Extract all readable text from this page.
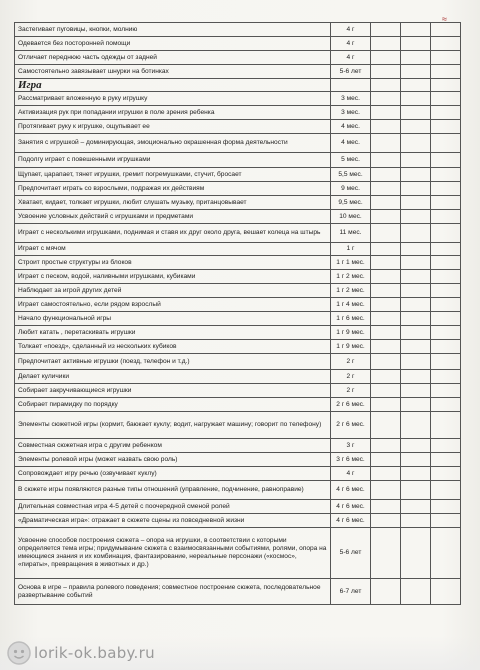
≈
Застегивает пуговицы, кнопки, молнию	4 г			
Одевается без посторонней помощи	4 г			
Отличает переднюю часть одежды от задней	4 г			
Самостоятельно завязывает шнурки на ботинках	5-6 лет			
Игра				
Рассматривает вложенную в руку игрушку	3 мес.			
Активизация рук при попадании игрушки в поле зрения ребенка	3 мес.			
Протягивает руку к игрушке, ощупывает ее	4 мес.			
Занятия с игрушкой – доминирующая, эмоционально окрашенная форма деятельности	4 мес.			
Подолгу играет с повешенными игрушками	5 мес.			
Щупает, царапает, тянет игрушки, гремит погремушками, стучит, бросает	5,5 мес.			
Предпочитает играть со взрослыми, подражая их действиям	9 мес.			
Хватает, кидает, толкает игрушки, любит слушать музыку, пританцовывает	9,5 мес.			
Усвоение условных действий с игрушками и предметами	10 мес.			
Играет с несколькими игрушками, поднимая и ставя их друг около друга, вешает колеца на штырь	11 мес.			
Играет с мячом	1 г			
Строит простые структуры из блоков	1 г 1 мес.			
Играет с песком, водой, наливными игрушками, кубиками	1 г 2 мес.			
Наблюдает за игрой других детей	1 г 2 мес.			
Играет самостоятельно, если рядом взрослый	1 г 4 мес.			
Начало функциональной игры	1 г 6 мес.			
Любит катать , перетаскивать игрушки	1 г 9 мес.			
Толкает «поезд», сделанный из нескольких кубиков	1 г 9 мес.			
Предпочитает активные игрушки (поезд, телефон и т.д.)	2 г			
Делает куличики	2 г			
Собирает закручивающиеся игрушки	2 г			
Собирает пирамидку по порядку	2 г 6 мес.			
Элементы сюжетной игры (кормит, баюкает куклу; водит, нагружает машину; говорит по телефону)	2 г 6 мес.			
Совместная сюжетная игра с другим ребенком	3 г			
Элементы ролевой игры (может назвать свою роль)	3 г 6 мес.			
Сопровождает игру речью (озвучивает куклу)	4 г			
В сюжете игры появляются разные типы отношений (управление, подчинение, равноправие)	4 г 6 мес.			
Длительная совместная игра 4-5 детей с поочередной сменой ролей	4 г 6 мес.			
«Драматическая игра»: отражает в сюжете сцены из повседневной жизни	4 г 6 мес.			
Усвоение способов построения сюжета – опора на игрушки, в соответствии с которыми определяется тема игры; придумывание сюжета с взаимосвязанными событиями, ролями, опора на имеющиеся знания и их комбинация, фантазирование, нереальные персонажи («космос», «пираты», превращения в животных и др.)	5-6 лет			
Основа в игре – правила ролевого поведения; совместное построение сюжета, последовательное развертывание событий	6-7 лет			
lorik-ok.baby.ru
